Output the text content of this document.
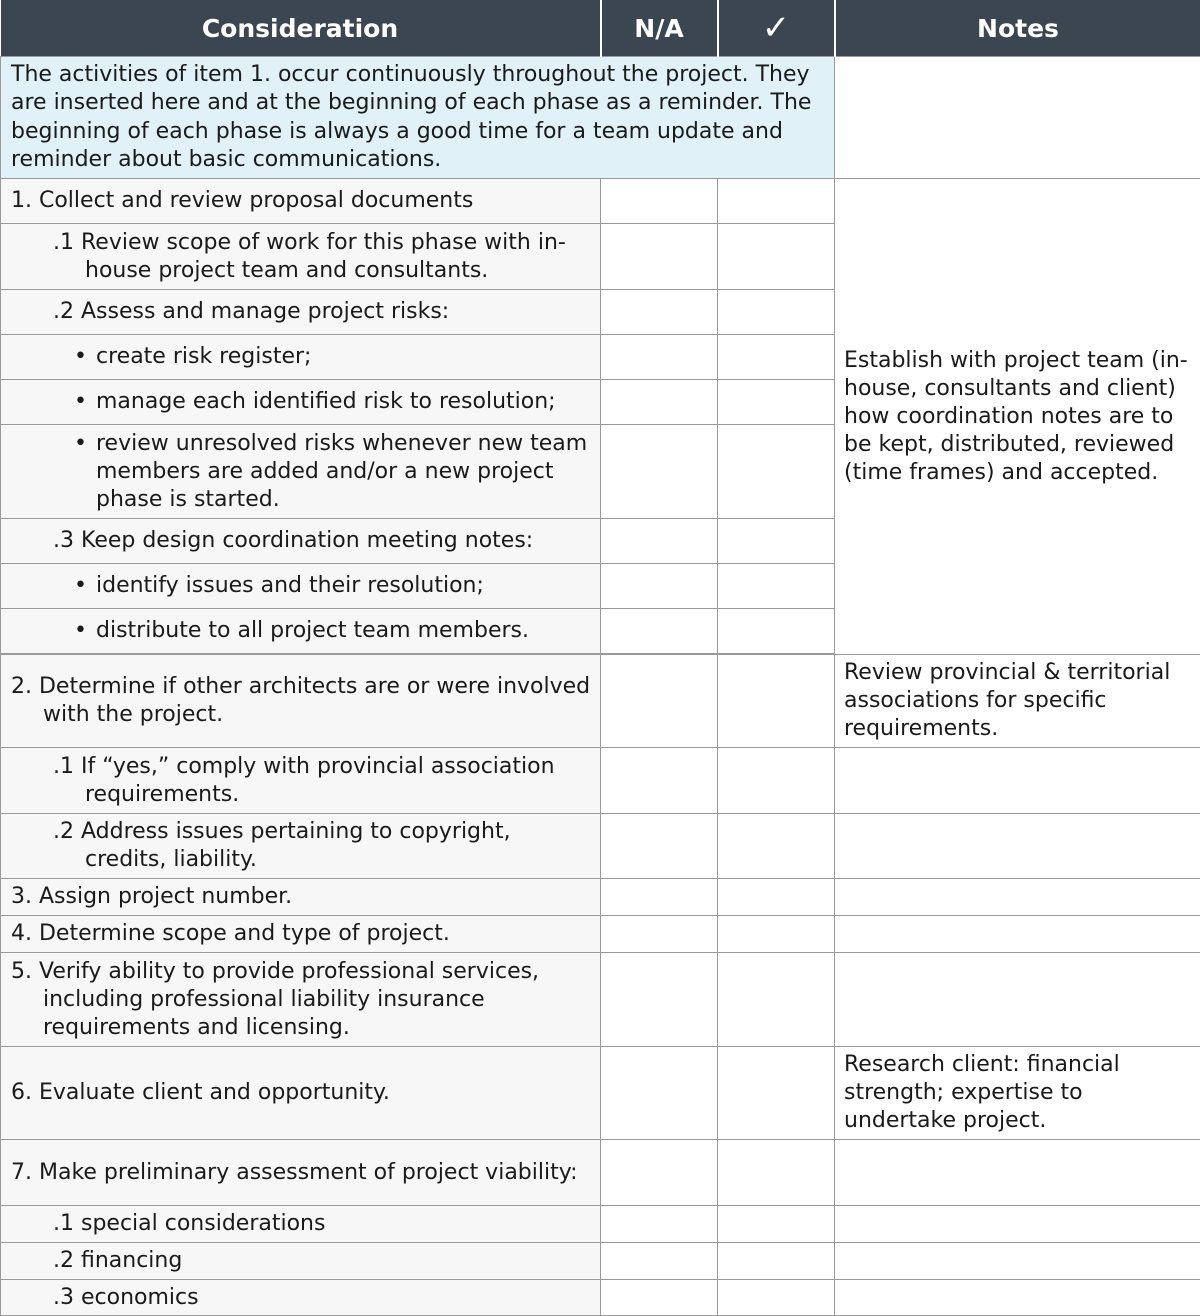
Consideration	N/A	✓	Notes
The activities of item 1. occur continuously throughout the project. They are inserted here and at the beginning of each phase as a reminder. The beginning of each phase is always a good time for a team update and reminder about basic communications.			

1. Collect and review proposal documents			Establish with project team (in-house, consultants and client) how coordination notes are to be kept, distributed, reviewed (time frames) and accepted.

.1 Review scope of work for this phase with in-house project team and consultants.			

.2 Assess and manage project risks:			

• create risk register;

• manage each identified risk to resolution;

• review unresolved risks whenever new team members are added and/or a new project phase is started.

.3 Keep design coordination meeting notes:			

• identify issues and their resolution;

• distribute to all project team members.

2. Determine if other architects are or were involved with the project.			Review provincial & territorial associations for specific requirements.

.1 If “yes,” comply with provincial association requirements.			

.2 Address issues pertaining to copyright, credits, liability.			

3. Assign project number.			

4. Determine scope and type of project.			

5. Verify ability to provide professional services, including professional liability insurance requirements and licensing.			

6. Evaluate client and opportunity.			Research client: financial strength; expertise to undertake project.

7. Make preliminary assessment of project viability:			

.1 special considerations			

.2 financing			

.3 economics			
